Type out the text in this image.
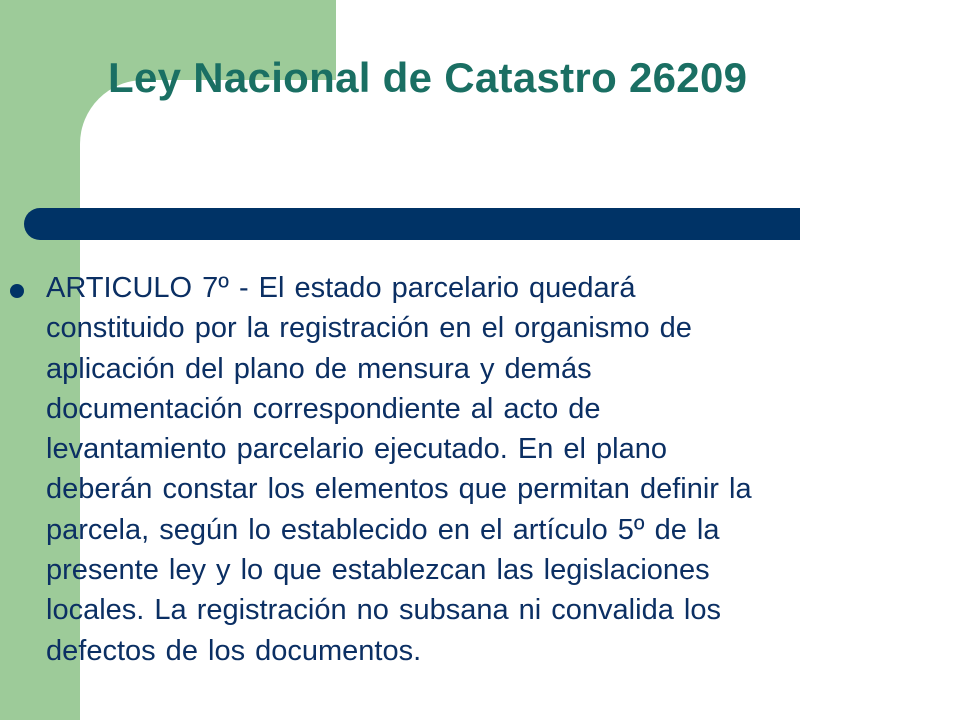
Ley Nacional de Catastro 26209
ARTICULO 7º - El estado parcelario quedará
constituido por la registración en el organismo de
aplicación del plano de mensura y demás
documentación correspondiente al acto de
levantamiento parcelario ejecutado. En el plano
deberán constar los elementos que permitan definir la
parcela, según lo establecido en el artículo 5º de la
presente ley y lo que establezcan las legislaciones
locales. La registración no subsana ni convalida los
defectos de los documentos.
